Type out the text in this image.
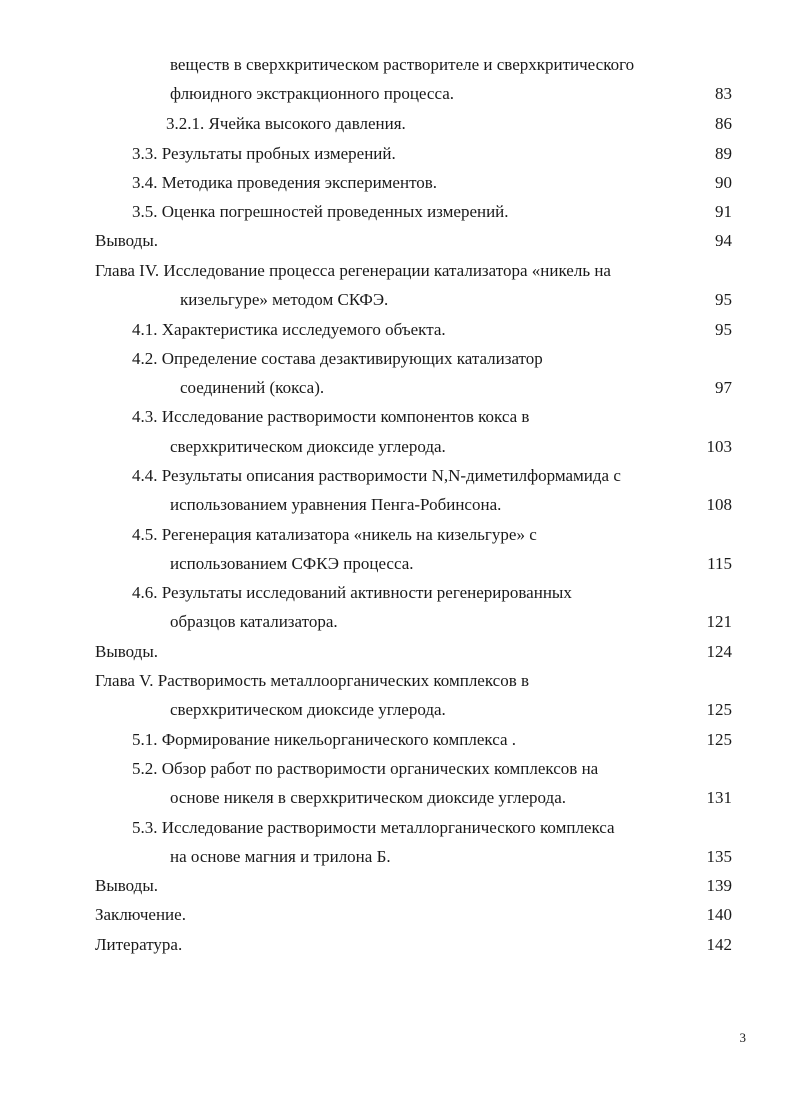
веществ в сверхкритическом растворителе и сверхкритического
флюидного экстракционного процесса.	83
3.2.1. Ячейка высокого давления.	86
3.3. Результаты пробных измерений.	89
3.4. Методика проведения экспериментов.	90
3.5. Оценка погрешностей проведенных измерений.	91
Выводы.	94
Глава IV. Исследование процесса регенерации катализатора «никель на
кизельгуре» методом СКФЭ.	95
4.1. Характеристика исследуемого объекта.	95
4.2. Определение состава дезактивирующих катализатор
соединений (кокса).	97
4.3. Исследование растворимости компонентов кокса в
сверхкритическом диоксиде углерода.	103
4.4. Результаты описания растворимости N,N-диметилформамида с
использованием уравнения Пенга-Робинсона.	108
4.5. Регенерация катализатора «никель на кизельгуре» с
использованием СФКЭ процесса.	115
4.6. Результаты исследований активности регенерированных
образцов катализатора.	121
Выводы.	124
Глава V. Растворимость металлоорганических комплексов в
сверхкритическом диоксиде углерода.	125
5.1. Формирование никельорганического комплекса .	125
5.2. Обзор работ по растворимости органических комплексов на
основе никеля в сверхкритическом диоксиде углерода.	131
5.3. Исследование растворимости металлорганического комплекса
на основе магния и трилона Б.	135
Выводы.	139
Заключение.	140
Литература.	142
3
